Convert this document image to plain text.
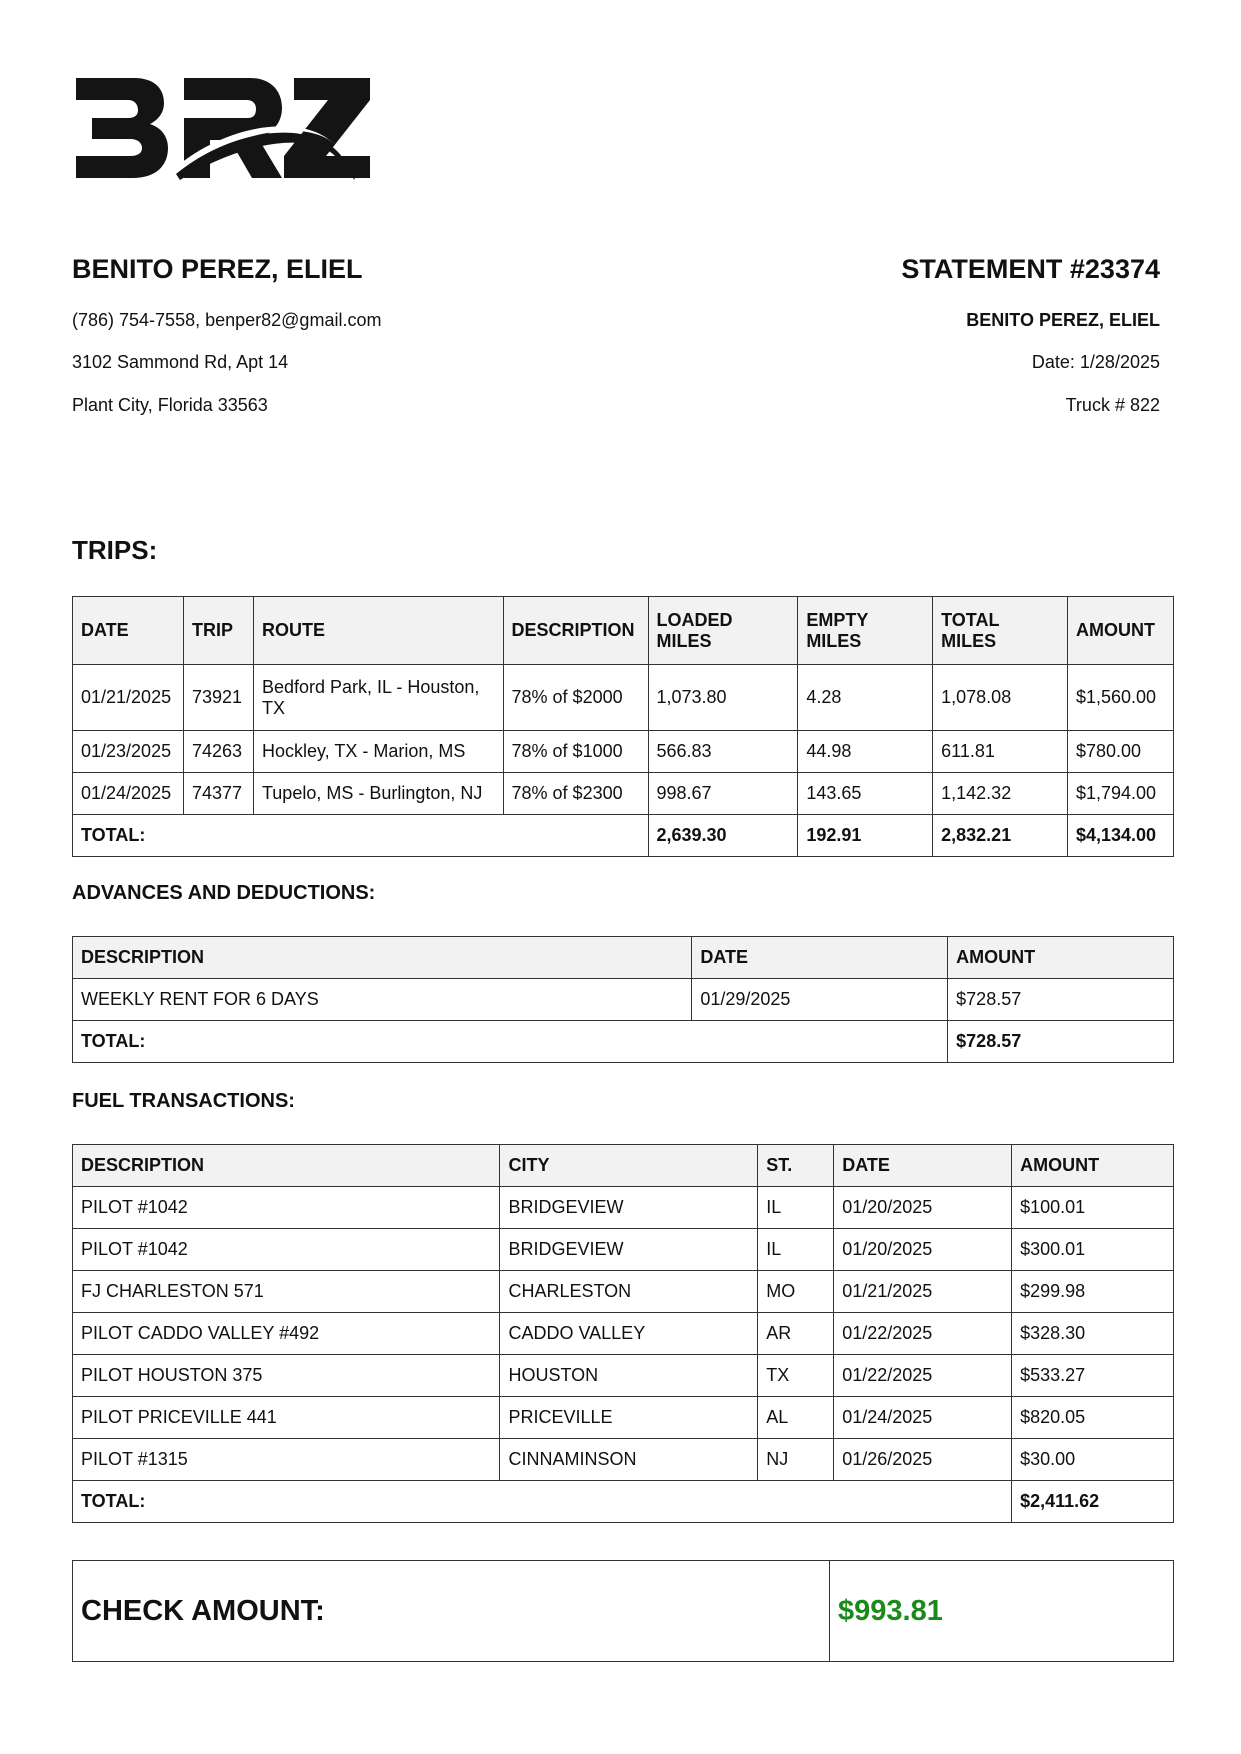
BENITO PEREZ, ELIEL	STATEMENT #23374
(786) 754-7558, benper82@gmail.com
3102 Sammond Rd, Apt 14
Plant City, Florida 33563
BENITO PEREZ, ELIEL
Date: 1/28/2025
Truck # 822
TRIPS:
DATE	TRIP	ROUTE	DESCRIPTION	LOADED MILES	EMPTY MILES	TOTAL MILES	AMOUNT
01/21/2025	73921	Bedford Park, IL - Houston, TX	78% of $2000	1,073.80	4.28	1,078.08	$1,560.00
01/23/2025	74263	Hockley, TX - Marion, MS	78% of $1000	566.83	44.98	611.81	$780.00
01/24/2025	74377	Tupelo, MS - Burlington, NJ	78% of $2300	998.67	143.65	1,142.32	$1,794.00
TOTAL:				2,639.30	192.91	2,832.21	$4,134.00
ADVANCES AND DEDUCTIONS:
DESCRIPTION	DATE	AMOUNT
WEEKLY RENT FOR 6 DAYS	01/29/2025	$728.57
TOTAL:		$728.57
FUEL TRANSACTIONS:
DESCRIPTION	CITY	ST.	DATE	AMOUNT
PILOT #1042	BRIDGEVIEW	IL	01/20/2025	$100.01
PILOT #1042	BRIDGEVIEW	IL	01/20/2025	$300.01
FJ CHARLESTON 571	CHARLESTON	MO	01/21/2025	$299.98
PILOT CADDO VALLEY #492	CADDO VALLEY	AR	01/22/2025	$328.30
PILOT HOUSTON 375	HOUSTON	TX	01/22/2025	$533.27
PILOT PRICEVILLE 441	PRICEVILLE	AL	01/24/2025	$820.05
PILOT #1315	CINNAMINSON	NJ	01/26/2025	$30.00
TOTAL:				$2,411.62
CHECK AMOUNT:	$993.81
